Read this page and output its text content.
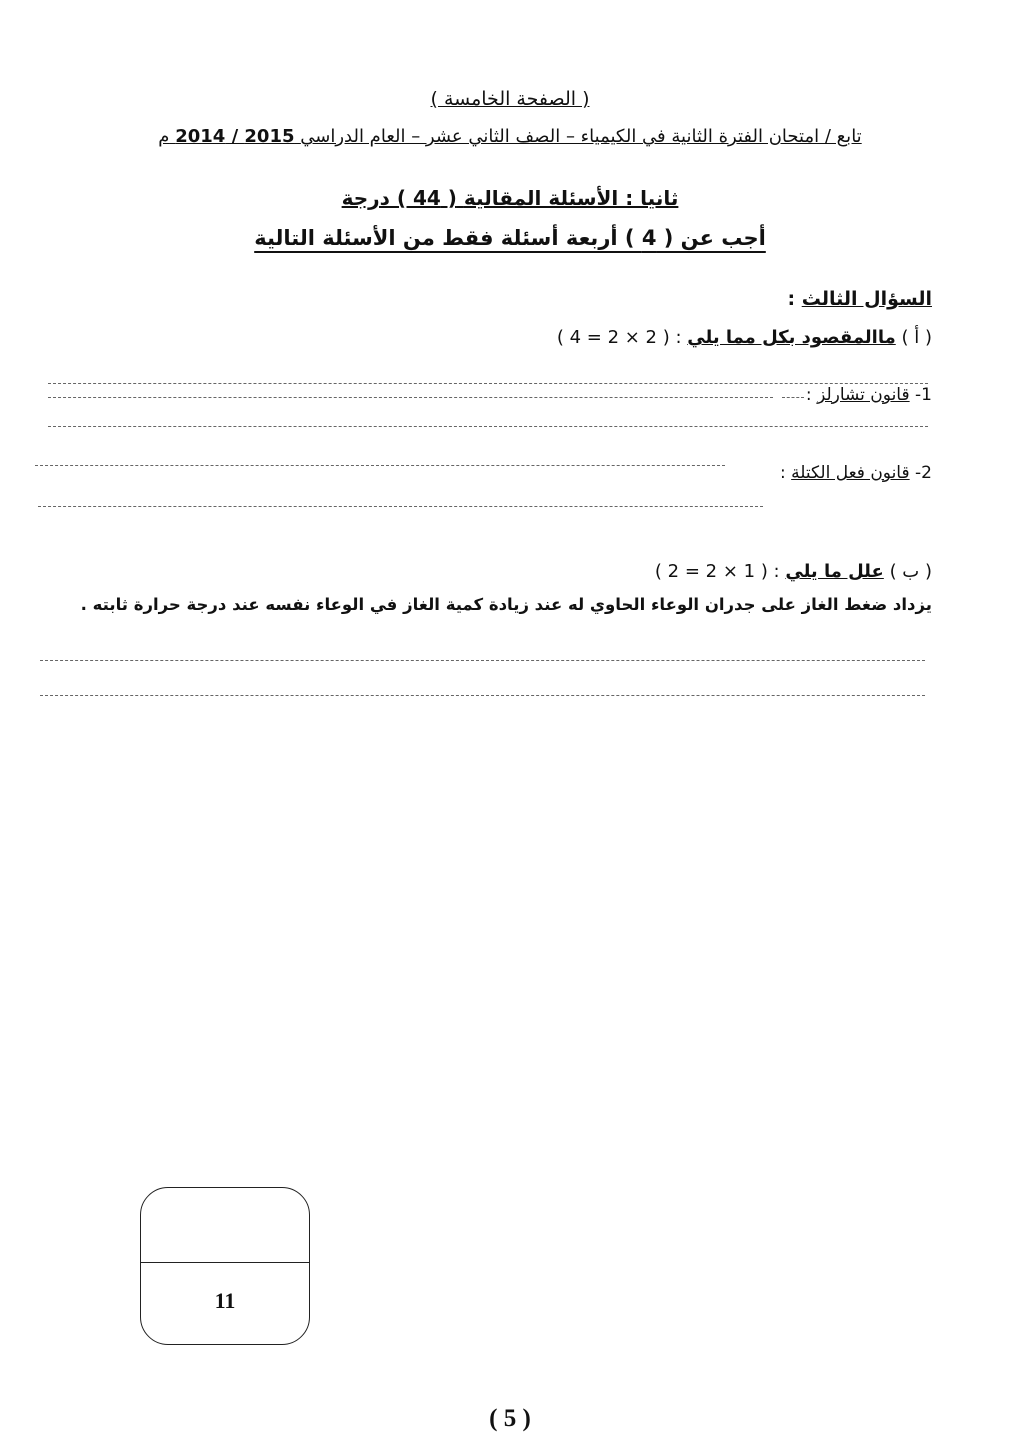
( الصفحة الخامسة )
تابع / امتحان الفترة الثانية في الكيمياء – الصف الثاني عشر – العام الدراسي 2015 / 2014 م
ثانيا : الأسئلة المقالية ( 44 ) درجة
أجب عن ( 4 ) أربعة أسئلة فقط من الأسئلة التالية
السؤال الثالث :
( أ ) ماالمقصود بكل مما يلي : ( 2 × 2 = 4 )
1- قانون تشارلز :
2- قانون فعل الكتلة :
( ب ) علل ما يلي : ( 1 × 2 = 2 )
يزداد ضغط الغاز على جدران الوعاء الحاوي له عند زيادة كمية الغاز في الوعاء نفسه عند درجة حرارة ثابته .
11
( 5 )
